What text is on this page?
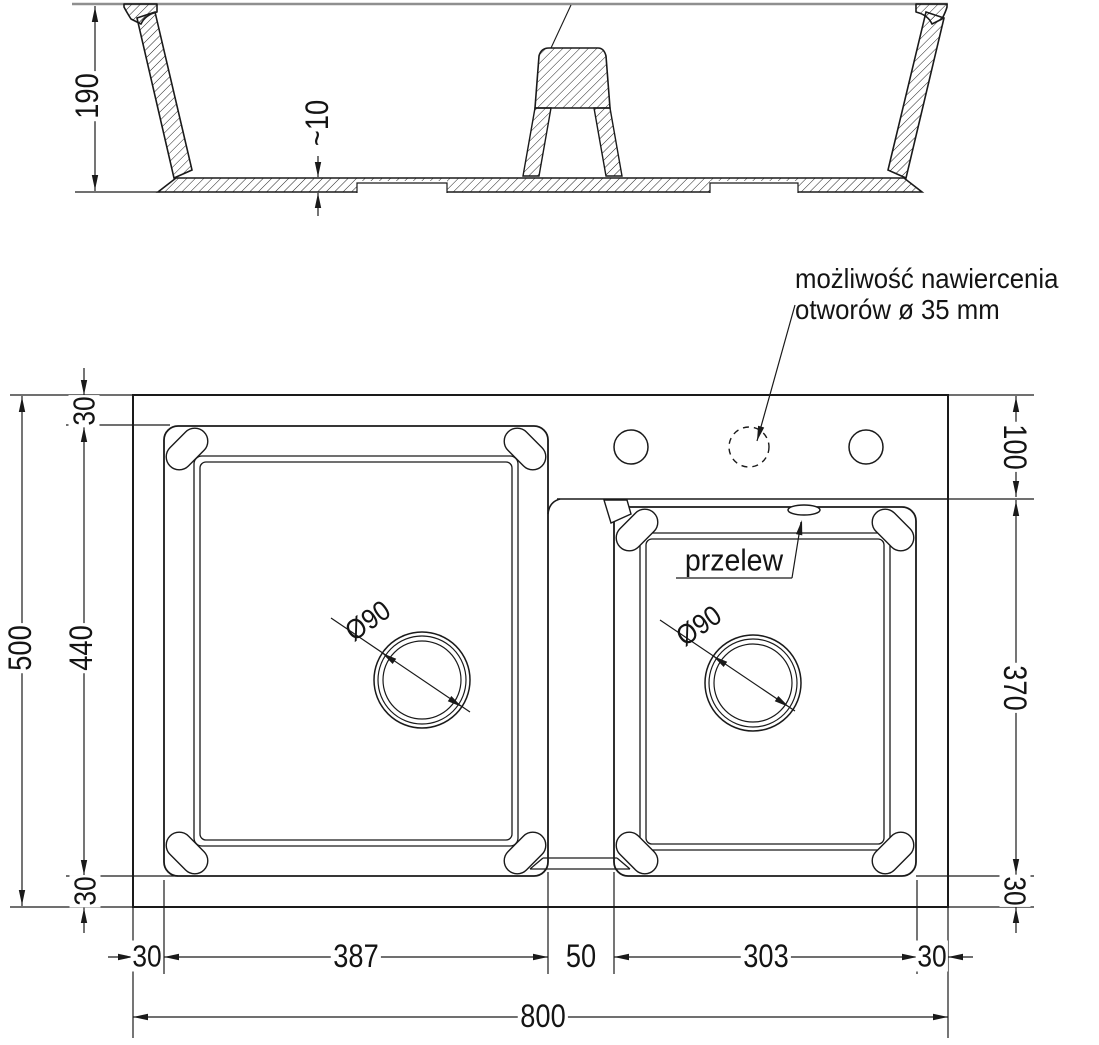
190
~10
30
440
500
30
100
370
30
30	387	50	303	30
800
możliwość nawiercenia
otworów ø 35 mm
przelew
Ø90	Ø90
